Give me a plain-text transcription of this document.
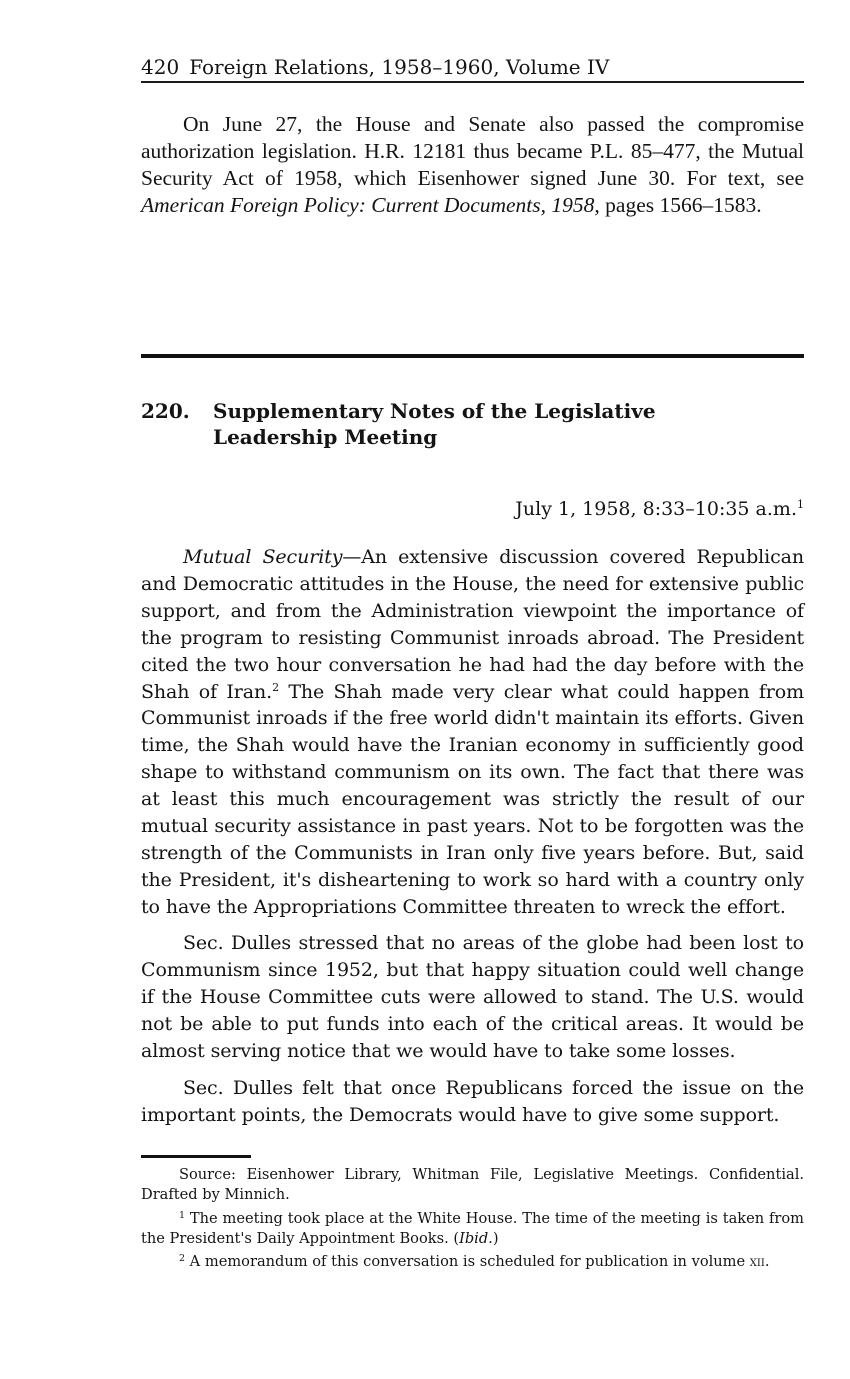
420 Foreign Relations, 1958–1960, Volume IV

On June 27, the House and Senate also passed the compromise authorization legislation. H.R. 12181 thus became P.L. 85–477, the Mutual Security Act of 1958, which Eisenhower signed June 30. For text, see American Foreign Policy: Current Documents, 1958, pages 1566–1583.

220. Supplementary Notes of the Legislative Leadership Meeting
July 1, 1958, 8:33–10:35 a.m.$^1$

Mutual Security—An extensive discussion covered Republican and Democratic attitudes in the House, the need for extensive public support, and from the Administration viewpoint the importance of the program to resisting Communist inroads abroad. The President cited the two hour conversation he had had the day before with the Shah of Iran.$^2$ The Shah made very clear what could happen from Communist inroads if the free world didn't maintain its efforts. Given time, the Shah would have the Iranian economy in sufficiently good shape to withstand communism on its own. The fact that there was at least this much encouragement was strictly the result of our mutual security assistance in past years. Not to be forgotten was the strength of the Communists in Iran only five years before. But, said the President, it's disheartening to work so hard with a country only to have the Appropriations Committee threaten to wreck the effort.

Sec. Dulles stressed that no areas of the globe had been lost to Communism since 1952, but that happy situation could well change if the House Committee cuts were allowed to stand. The U.S. would not be able to put funds into each of the critical areas. It would be almost serving notice that we would have to take some losses.

Sec. Dulles felt that once Republicans forced the issue on the important points, the Democrats would have to give some support.

Source: Eisenhower Library, Whitman File, Legislative Meetings. Confidential. Drafted by Minnich.

$^1$ The meeting took place at the White House. The time of the meeting is taken from the President's Daily Appointment Books. (Ibid.)

$^2$ A memorandum of this conversation is scheduled for publication in volume xii.
